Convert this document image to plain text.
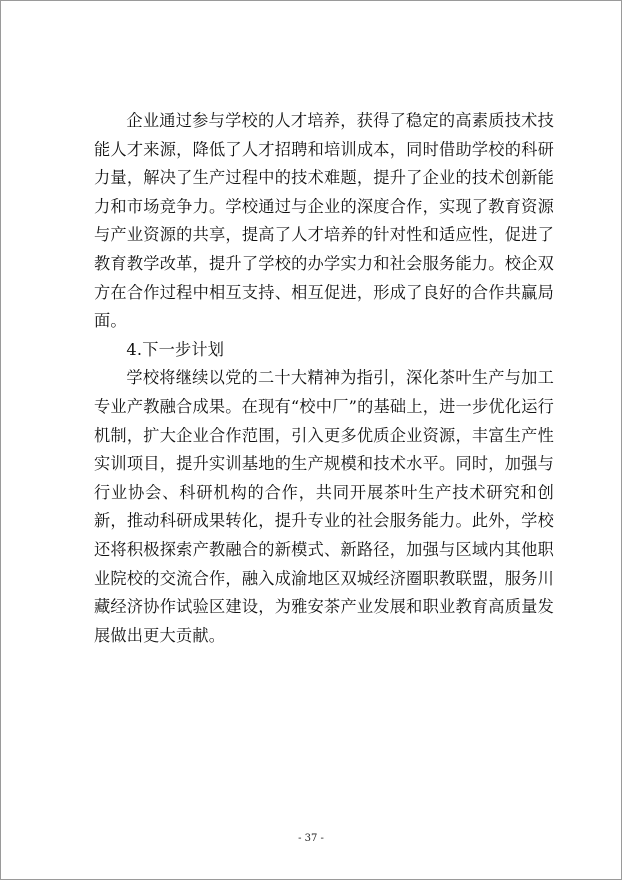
企业通过参与学校的人才培养，获得了稳定的高素质技术技能人才来源，降低了人才招聘和培训成本，同时借助学校的科研力量，解决了生产过程中的技术难题，提升了企业的技术创新能力和市场竞争力。学校通过与企业的深度合作，实现了教育资源与产业资源的共享，提高了人才培养的针对性和适应性，促进了教育教学改革，提升了学校的办学实力和社会服务能力。校企双方在合作过程中相互支持、相互促进，形成了良好的合作共赢局面。

4.下一步计划

学校将继续以党的二十大精神为指引，深化茶叶生产与加工专业产教融合成果。在现有“校中厂”的基础上，进一步优化运行机制，扩大企业合作范围，引入更多优质企业资源，丰富生产性实训项目，提升实训基地的生产规模和技术水平。同时，加强与行业协会、科研机构的合作，共同开展茶叶生产技术研究和创新，推动科研成果转化，提升专业的社会服务能力。此外，学校还将积极探索产教融合的新模式、新路径，加强与区域内其他职业院校的交流合作，融入成渝地区双城经济圈职教联盟，服务川藏经济协作试验区建设，为雅安茶产业发展和职业教育高质量发展做出更大贡献。

- 37 -
